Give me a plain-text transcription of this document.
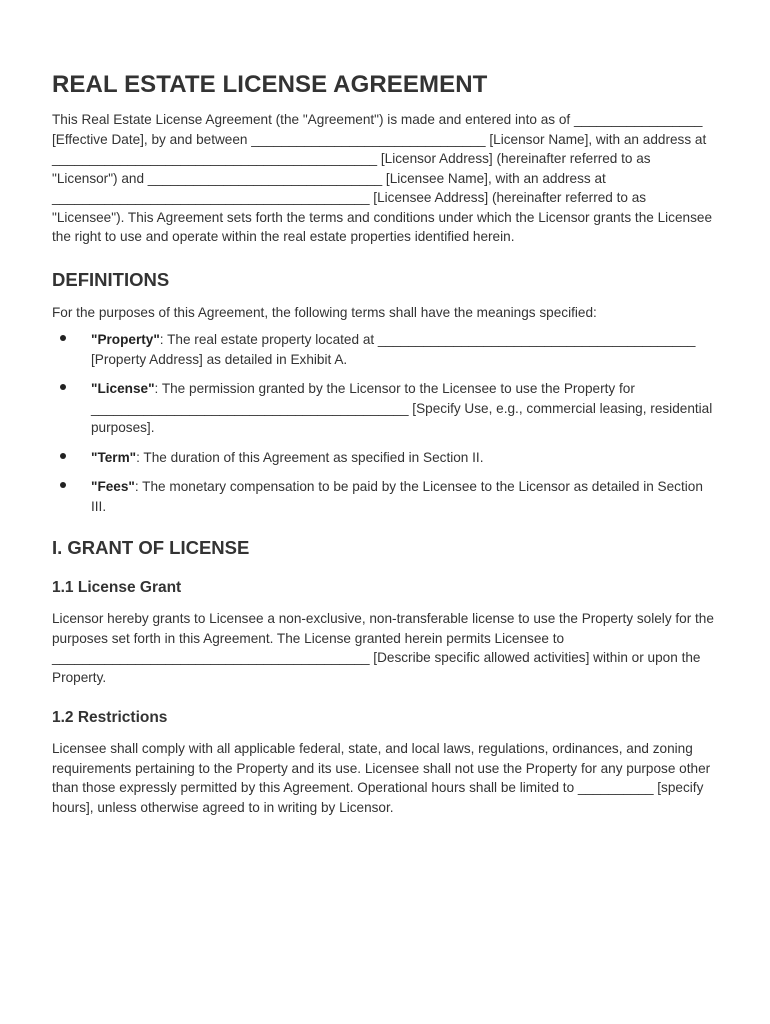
REAL ESTATE LICENSE AGREEMENT

This Real Estate License Agreement (the "Agreement") is made and entered into as of _________________ [Effective Date], by and between _______________________________ [Licensor Name], with an address at ___________________________________________ [Licensor Address] (hereinafter referred to as "Licensor") and _______________________________ [Licensee Name], with an address at __________________________________________ [Licensee Address] (hereinafter referred to as "Licensee"). This Agreement sets forth the terms and conditions under which the Licensor grants the Licensee the right to use and operate within the real estate properties identified herein.

DEFINITIONS

For the purposes of this Agreement, the following terms shall have the meanings specified:

"Property": The real estate property located at __________________________________________ [Property Address] as detailed in Exhibit A.
"License": The permission granted by the Licensor to the Licensee to use the Property for __________________________________________ [Specify Use, e.g., commercial leasing, residential purposes].
"Term": The duration of this Agreement as specified in Section II.
"Fees": The monetary compensation to be paid by the Licensee to the Licensor as detailed in Section III.
I. GRANT OF LICENSE
1.1 License Grant

Licensor hereby grants to Licensee a non-exclusive, non-transferable license to use the Property solely for the purposes set forth in this Agreement. The License granted herein permits Licensee to __________________________________________ [Describe specific allowed activities] within or upon the Property.

1.2 Restrictions

Licensee shall comply with all applicable federal, state, and local laws, regulations, ordinances, and zoning requirements pertaining to the Property and its use. Licensee shall not use the Property for any purpose other than those expressly permitted by this Agreement. Operational hours shall be limited to __________ [specify hours], unless otherwise agreed to in writing by Licensor.
